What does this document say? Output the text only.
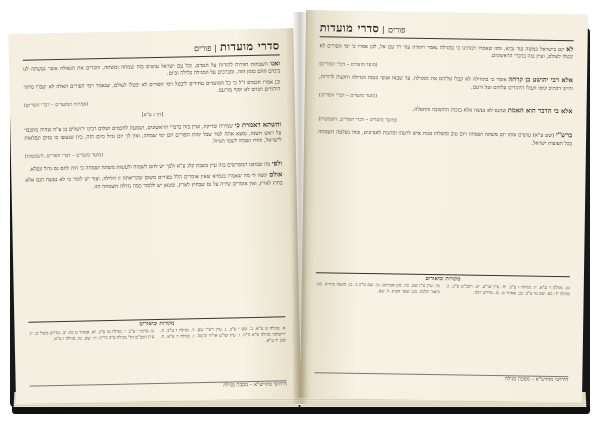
סדרי מועדות | פורים

ואנו השבחות חוזרות להודות על הנסים, וכל עם ישראל עושים בזה שמחה ומשתה, וזוכרים את הגאולה אשר נעשתה לנו בימים ההם בזמן הזה, ומברכים על המגילה בלילה וביום.

וכן אמרו חכמים ז"ל כי כל המועדים עתידים ליבטל וימי הפורים לא יבטלו לעולם, שנאמר וימי הפורים האלה לא יעברו מתוך היהודים וזכרם לא יסוף מזרעם.

(אמרות המועדים – דברי הפורים)
[דף ג ע"א]

והשתא דאמרת כי שמירה ובדיקה, ועיין בזה בדברי הראשונים, ושמעת לחכמים ושלום רבינו ירושלים בן ע"ה שהיה מתכבד על ראש השנה, נמצא אתה למד שכל ימות הפורים הם ימי שמחה, ואין לך יום גדול כיום הזה, כיון שנעשו בו נסים ונפלאות לישראל, והודו ושבחו לשמו הגדול.

(מועד מועדים – דברי הפורים, השמטות)

ולפי מה שכתבו המפרשים בזה עיין בשבת קלג ע"א ולכך יש להם לשמוח ולעשות משתה ושמחה כי היה להם נס גדול ונפלא.

אולם קשה לי מה שאמרו בגמרא שאין אומרים הלל בפורים משום שקריאתה זו הלילה, ועוד יש לומר כי לא נעשה הנס אלא בחוץ לארץ, ואין אומרים שירה על נס שבחוץ לארץ, ומכאן יש ללמוד כמה גדולה השמחה הזו.

מקורות וביאורים
א. מגילה ט ע"א. ב. שם י ע"ב. ג. עיין רש"י שם. ד. מגילה ז ע"ב. ה. ירושלמי מגילה פ"א ה"ה. ו. עיין שו"ע או"ח תרצה. ז. מגילה ד ע"א. ח. שם יד ע"א.
ט. ערכין י ע"ב. י. מגילה טו ע"ב. יא. אסתר ט כח. יב. מדרש משלי ט. יג. עיין רמב"ם הל' מגילה פ"ב הי"ח. יד. שם. טו. מגילה ז ע"א.
חידושי מהרש"א – מסכת מגילה
פורים | סדרי מועדות

לא קם בישראל כמשה עוד נביא, ומה שאמרו רבותינו כי במגילה נאמר ויהודה עוד רד עם אל, לכן אמרו כי ימי הפורים לא יבטלו לעולם, ועיין בזה בדברי הראשונים.

(מועד מועדים – דברי הפורים)

אלא רבי יהושע בן קרחה אומר כי בתחילה לא קבלו עליהם את המגילה, עד שבאו אנשי כנסת הגדולה ותקנוה לדורות, והיינו דכתיב קימו וקבלו היהודים עליהם ועל זרעם.

(מועד מועדים – דברי הפורים)

אלא כי הדבר הוא האמת שהנס לא נעשה אלא בזכות התשובה והתפלה.

(מועד מועדים – דברי הפורים, השמטות)

ברש"י (שם ע"א) עושים אותו יום משתה ושמחה ויום טוב ומשלוח מנות איש לרעהו ומתנות לאביונים, ובזה נשלמה השמחה בכל תפוצות ישראל.

מקורות וביאורים
טז. מגילה ד ע"א. יז. מגילה ז ע"ב. יח. עיין שו"ע. יט. רמב"ם פ"ב. כ. מגילה יד. כא. שם טו ע"ב. כב. אסתר ט. כג. מדרש רבה.
כד. עיין ט"ז שם. כה. מגן אברהם. כו. שם ס"ק ב. כז. משנה ברורה. כח. ביאור הלכה. כט. שער הציון. ל. שם.
חידושי מהרש"א – מסכת מגילה
